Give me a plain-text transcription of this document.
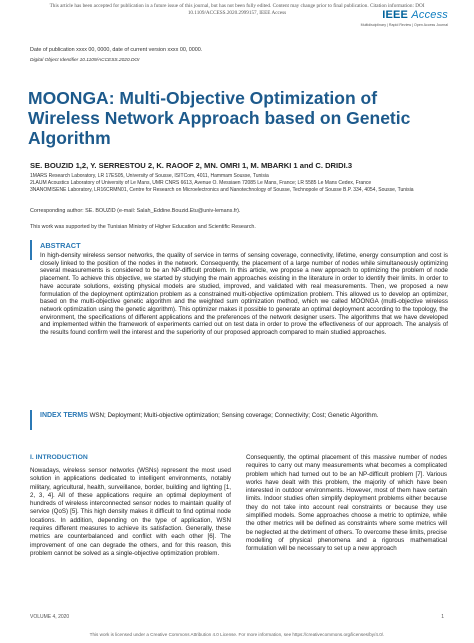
This article has been accepted for publication in a future issue of this journal, but has not been fully edited. Content may change prior to final publication. Citation information: DOI
10.1109/ACCESS.2020.2999157, IEEE Access	IEEE Access
Multidisciplinary | Rapid Review | Open Access Journal
Date of publication xxxx 00, 0000, date of current version xxxx 00, 0000.
Digital Object Identifier 10.1109/ACCESS.2020.DOI
MOONGA: Multi-Objective Optimization of Wireless Network Approach based on Genetic Algorithm
SE. BOUZID 1,2, Y. SERRESTOU 2, K. RAOOF 2, MN. OMRI 1, M. MBARKI 1 and C. DRIDI.3
1MARS Research Laboratory, LR 17ES05, University of Sousse, ISITCom, 4011, Hammam Sousse, Tunisia
2LAUM Acoustics Laboratory of University of Le Mans, UMR CNRS 6613, Avenue O. Messiaen 72085 Le Mans, France; LR 5585 Le Mans Cedex, France
3NANOMISENE Laboratory, LR16CRMN01, Centre for Research on Microelectronics and Nanotechnology of Sousse, Technopole of Sousse B.P. 334, 4054, Sousse, Tunisia
Corresponding author: SE. BOUZID (e-mail: Salah_Eddine.Bouzid.Etu@univ-lemans.fr).
This work was supported by the Tunisian Ministry of Higher Education and Scientific Research.
ABSTRACT
In high-density wireless sensor networks, the quality of service in terms of sensing coverage, connectivity, lifetime, energy consumption and cost is closely linked to the position of the nodes in the network. Consequently, the placement of a large number of nodes while simultaneously optimizing several measurements is considered to be an NP-difficult problem. In this article, we propose a new approach to optimizing the problem of node placement. To achieve this objective, we started by studying the main approaches existing in the literature in order to identify their limits. In order to have accurate solutions, existing physical models are studied, improved, and validated with real measurements. Then, we proposed a new formulation of the deployment optimization problem as a constrained multi-objective optimization problem. This allowed us to develop an optimizer, based on the multi-objective genetic algorithm and the weighted sum optimization method, which we called MOONGA (multi-objective wireless network optimization using the genetic algorithm). This optimizer makes it possible to generate an optimal deployment according to the topology, the environment, the specifications of different applications and the preferences of the network designer users. The algorithms that we have developed and implemented within the framework of experiments carried out on test data in order to prove the effectiveness of our approach. The analysis of the results found confirm well the interest and the superiority of our proposed approach compared to main studied approaches.
INDEX TERMS WSN; Deployment; Multi-objective optimization; Sensing coverage; Connectivity; Cost; Genetic Algorithm.
I. INTRODUCTION
Nowadays, wireless sensor networks (WSNs) represent the most used solution in applications dedicated to intelligent environments, notably military, agricultural, health, surveillance, border, building and lighting [1, 2, 3, 4]. All of these applications require an optimal deployment of hundreds of wireless interconnected sensor nodes to maintain quality of service (QoS) [5]. This high density makes it difficult to find optimal node locations. In addition, depending on the type of application, WSN requires different measures to achieve its satisfaction. Generally, these metrics are counterbalanced and conflict with each other [6]. The improvement of one can degrade the others, and for this reason, this problem cannot be solved as a single-objective optimization problem.
Consequently, the optimal placement of this massive number of nodes requires to carry out many measurements what becomes a complicated problem which had turned out to be an NP-difficult problem [7]. Various works have dealt with this problem, the majority of which have been interested in outdoor environments. However, most of them have certain limits. Indoor studies often simplify deployment problems either because they do not take into account real constraints or because they use simplified models. Some approaches choose a metric to optimize, while the other metrics will be defined as constraints where some metrics will be neglected at the detriment of others. To overcome these limits, precise modelling of physical phenomena and a rigorous mathematical formulation will be necessary to set up a new approach
VOLUME 4, 2020	1
This work is licensed under a Creative Commons Attribution 4.0 License. For more information, see https://creativecommons.org/licenses/by/4.0/.
